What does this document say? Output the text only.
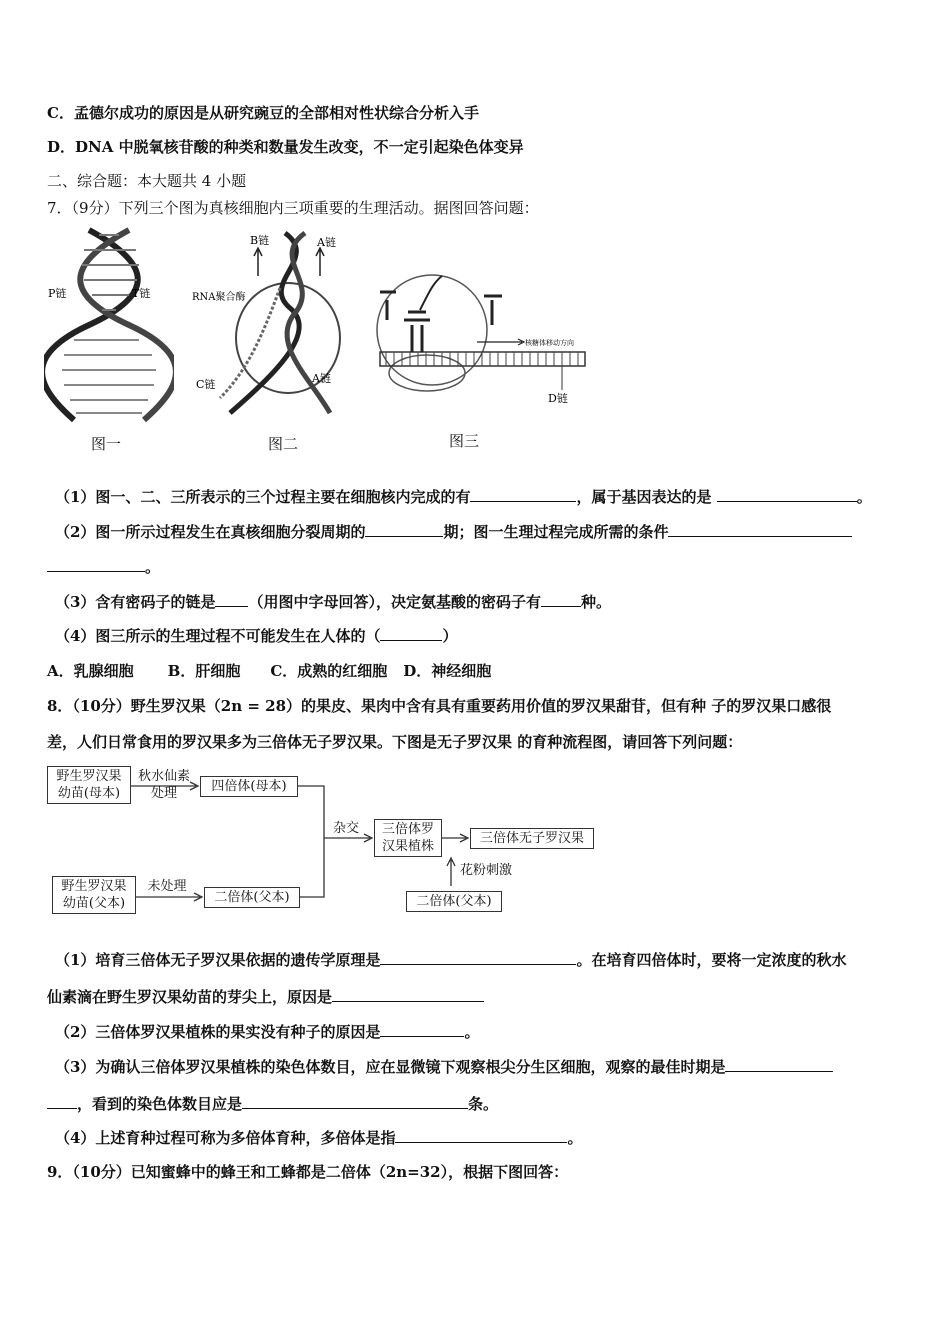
C．孟德尔成功的原因是从研究豌豆的全部相对性状综合分析入手
D．DNA 中脱氧核苷酸的种类和数量发生改变，不一定引起染色体变异
二、综合题：本大题共 4 小题
7．（9分）下列三个图为真核细胞内三项重要的生理活动。据图回答问题：
P链	T链
图一
B链	A链
RNA聚合酶
C链	A链
图二
核糖体移动方向
D链
图三
（1）图一、二、三所表示的三个过程主要在细胞核内完成的有	，属于基因表达的是	。
（2）图一所示过程发生在真核细胞分裂周期的	期；图一生理过程完成所需的条件
。
（3）含有密码子的链是 （用图中字母回答），决定氨基酸的密码子有	种。
（4）图三所示的生理过程不可能发生在人体的（	）
A．乳腺细胞 B．肝细胞 C．成熟的红细胞 D．神经细胞
8．（10分）野生罗汉果（2n = 28）的果皮、果肉中含有具有重要药用价值的罗汉果甜苷，但有种 子的罗汉果口感很
差，人们日常食用的罗汉果多为三倍体无子罗汉果。下图是无子罗汉果 的育种流程图，请回答下列问题：
野生罗汉果幼苗(母本)
秋水仙素处理	四倍体(母本)
杂交	三倍体罗汉果植株
三倍体无子罗汉果
野生罗汉果幼苗(父本)
未处理
二倍体(父本)
花粉刺激
二倍体(父本)
（1）培育三倍体无子罗汉果依据的遗传学原理是	。在培育四倍体时，要将一定浓度的秋水
仙素滴在野生罗汉果幼苗的芽尖上，原因是
（2）三倍体罗汉果植株的果实没有种子的原因是	。
（3）为确认三倍体罗汉果植株的染色体数目，应在显微镜下观察根尖分生区细胞，观察的最佳时期是
，看到的染色体数目应是	条。
（4）上述育种过程可称为多倍体育种，多倍体是指	。
9．（10分）已知蜜蜂中的蜂王和工蜂都是二倍体（2n=32），根据下图回答：
